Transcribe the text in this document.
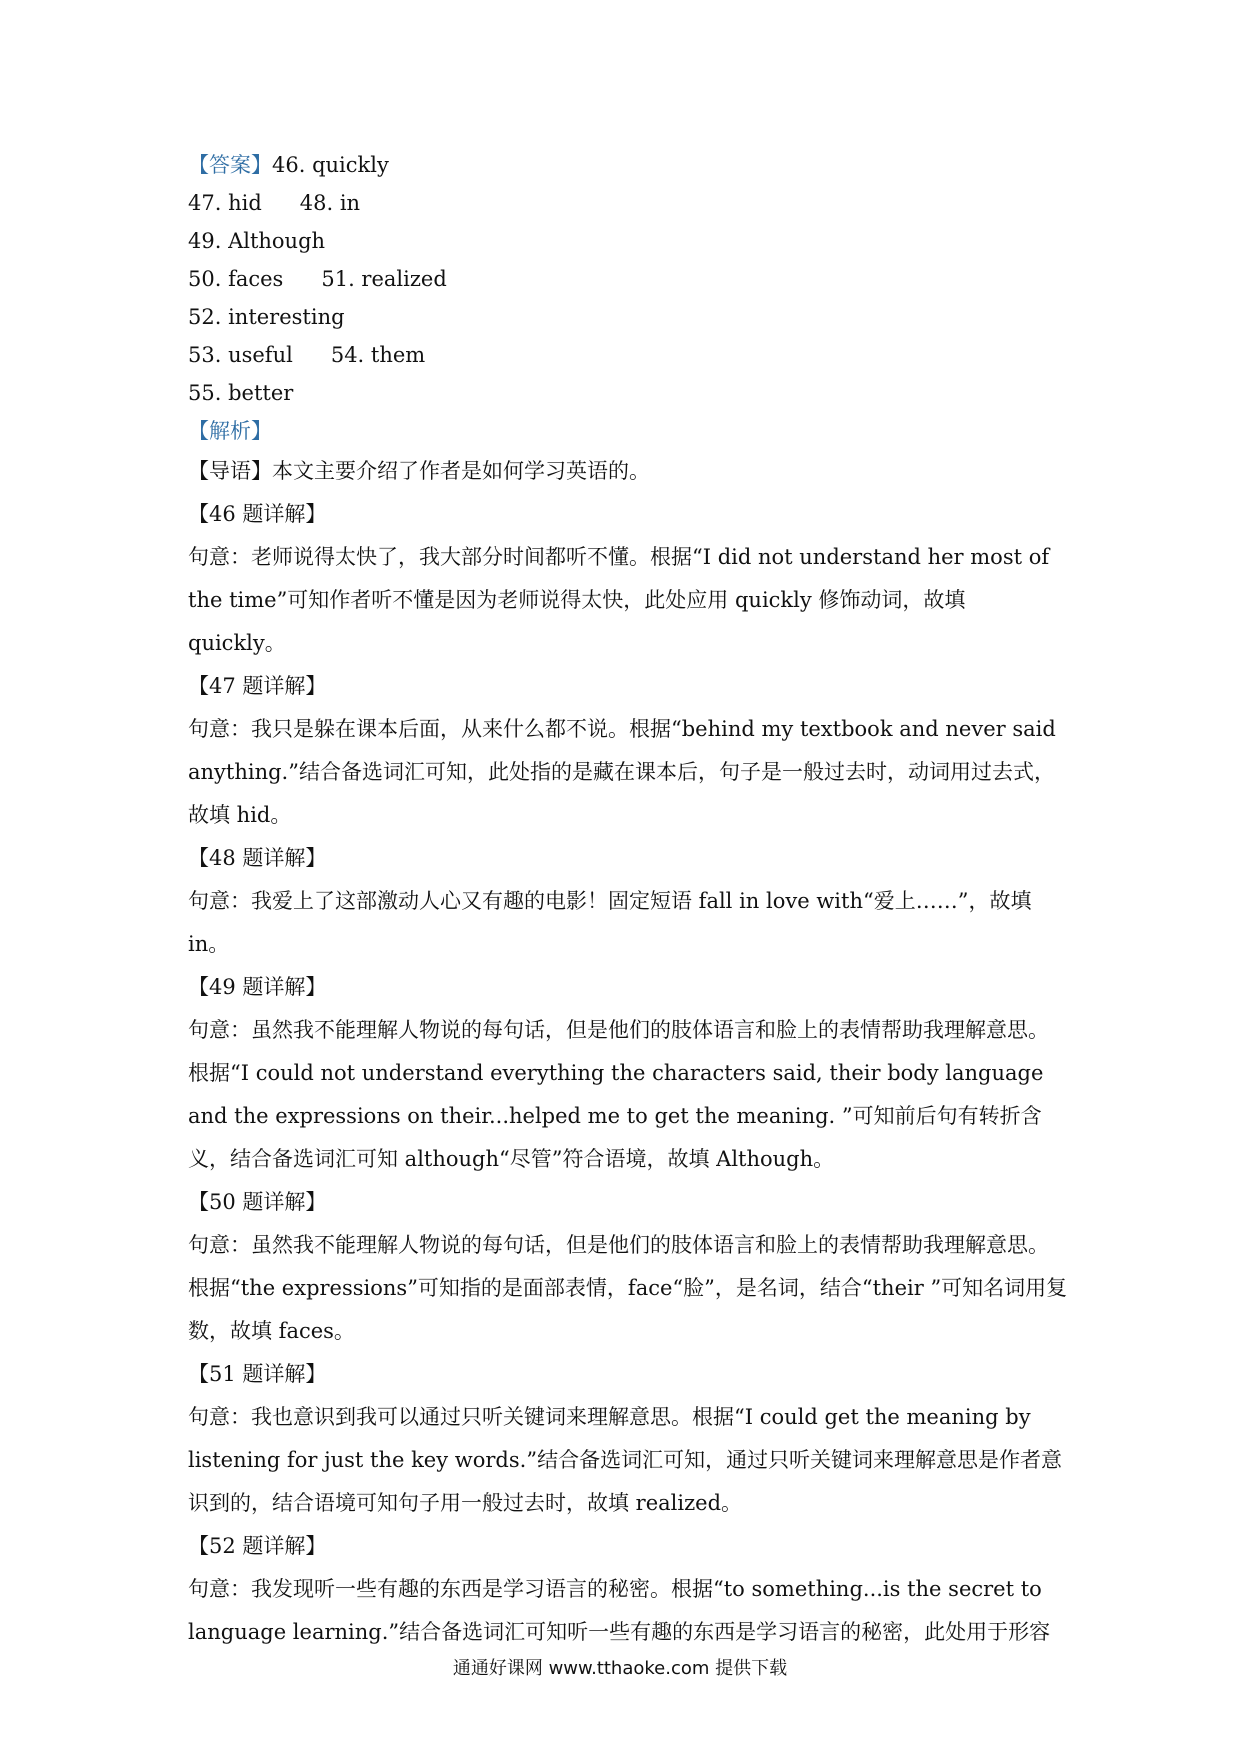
【答案】46. quickly
47. hid 48. in
49. Although
50. faces 51. realized
52. interesting
53. useful 54. them
55. better
【解析】

【导语】本文主要介绍了作者是如何学习英语的。

【46 题详解】

句意：老师说得太快了，我大部分时间都听不懂。根据“I did not understand her most of the time”可知作者听不懂是因为老师说得太快，此处应用 quickly 修饰动词，故填 quickly。

【47 题详解】

句意：我只是躲在课本后面，从来什么都不说。根据“behind my textbook and never said anything.”结合备选词汇可知，此处指的是藏在课本后，句子是一般过去时，动词用过去式，故填 hid。

【48 题详解】

句意：我爱上了这部激动人心又有趣的电影！固定短语 fall in love with“爱上……”，故填 in。

【49 题详解】

句意：虽然我不能理解人物说的每句话，但是他们的肢体语言和脸上的表情帮助我理解意思。根据“I could not understand everything the characters said, their body language and the expressions on their...helped me to get the meaning. ”可知前后句有转折含义，结合备选词汇可知 although“尽管”符合语境，故填 Although。

【50 题详解】

句意：虽然我不能理解人物说的每句话，但是他们的肢体语言和脸上的表情帮助我理解意思。根据“the expressions”可知指的是面部表情，face“脸”，是名词，结合“their ”可知名词用复数，故填 faces。

【51 题详解】

句意：我也意识到我可以通过只听关键词来理解意思。根据“I could get the meaning by listening for just the key words.”结合备选词汇可知，通过只听关键词来理解意思是作者意识到的，结合语境可知句子用一般过去时，故填 realized。

【52 题详解】

句意：我发现听一些有趣的东西是学习语言的秘密。根据“to something...is the secret to language learning.”结合备选词汇可知听一些有趣的东西是学习语言的秘密，此处用于形容

通通好课网 www.tthaoke.com 提供下载
